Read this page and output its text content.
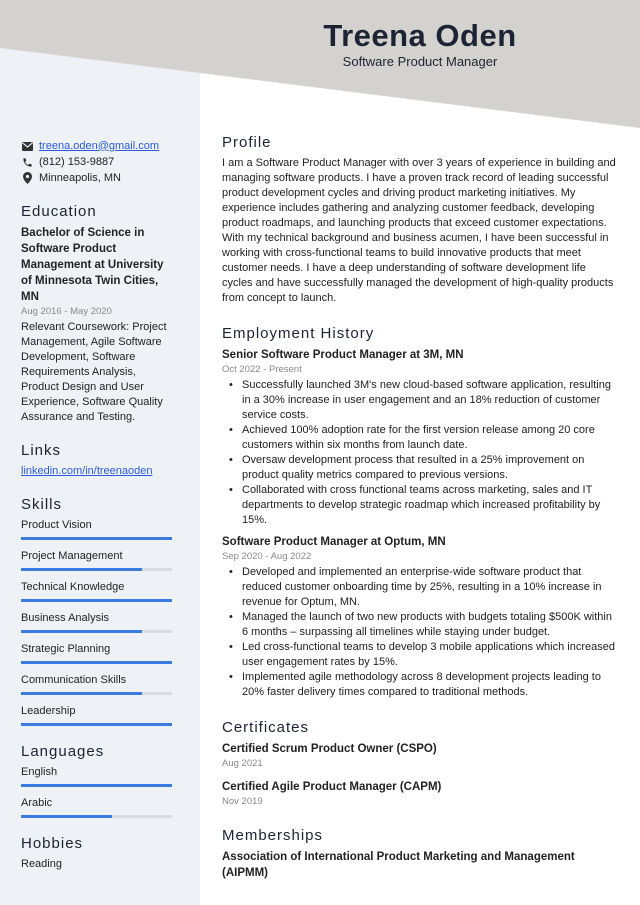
Treena Oden
Software Product Manager
treena.oden@gmail.com
(812) 153-9887
Minneapolis, MN
Education
Bachelor of Science in Software Product Management at University of Minnesota Twin Cities, MN
Aug 2016 - May 2020
Relevant Coursework: Project Management, Agile Software Development, Software Requirements Analysis, Product Design and User Experience, Software Quality Assurance and Testing.
Links
linkedin.com/in/treenaoden
Skills
Product Vision
Project Management
Technical Knowledge
Business Analysis
Strategic Planning
Communication Skills
Leadership
Languages
English
Arabic
Hobbies
Reading
Profile
I am a Software Product Manager with over 3 years of experience in building and managing software products. I have a proven track record of leading successful product development cycles and driving product marketing initiatives. My experience includes gathering and analyzing customer feedback, developing product roadmaps, and launching products that exceed customer expectations. With my technical background and business acumen, I have been successful in working with cross-functional teams to build innovative products that meet customer needs. I have a deep understanding of software development life cycles and have successfully managed the development of high-quality products from concept to launch.
Employment History
Senior Software Product Manager at 3M, MN
Oct 2022 - Present
• Successfully launched 3M's new cloud-based software application, resulting in a 30% increase in user engagement and an 18% reduction of customer service costs.
• Achieved 100% adoption rate for the first version release among 20 core customers within six months from launch date.
• Oversaw development process that resulted in a 25% improvement on product quality metrics compared to previous versions.
• Collaborated with cross functional teams across marketing, sales and IT departments to develop strategic roadmap which increased profitability by 15%.
Software Product Manager at Optum, MN
Sep 2020 - Aug 2022
• Developed and implemented an enterprise-wide software product that reduced customer onboarding time by 25%, resulting in a 10% increase in revenue for Optum, MN.
• Managed the launch of two new products with budgets totaling $500K within 6 months – surpassing all timelines while staying under budget.
• Led cross-functional teams to develop 3 mobile applications which increased user engagement rates by 15%.
• Implemented agile methodology across 8 development projects leading to 20% faster delivery times compared to traditional methods.
Certificates
Certified Scrum Product Owner (CSPO)
Aug 2021
Certified Agile Product Manager (CAPM)
Nov 2019
Memberships
Association of International Product Marketing and Management (AIPMM)
